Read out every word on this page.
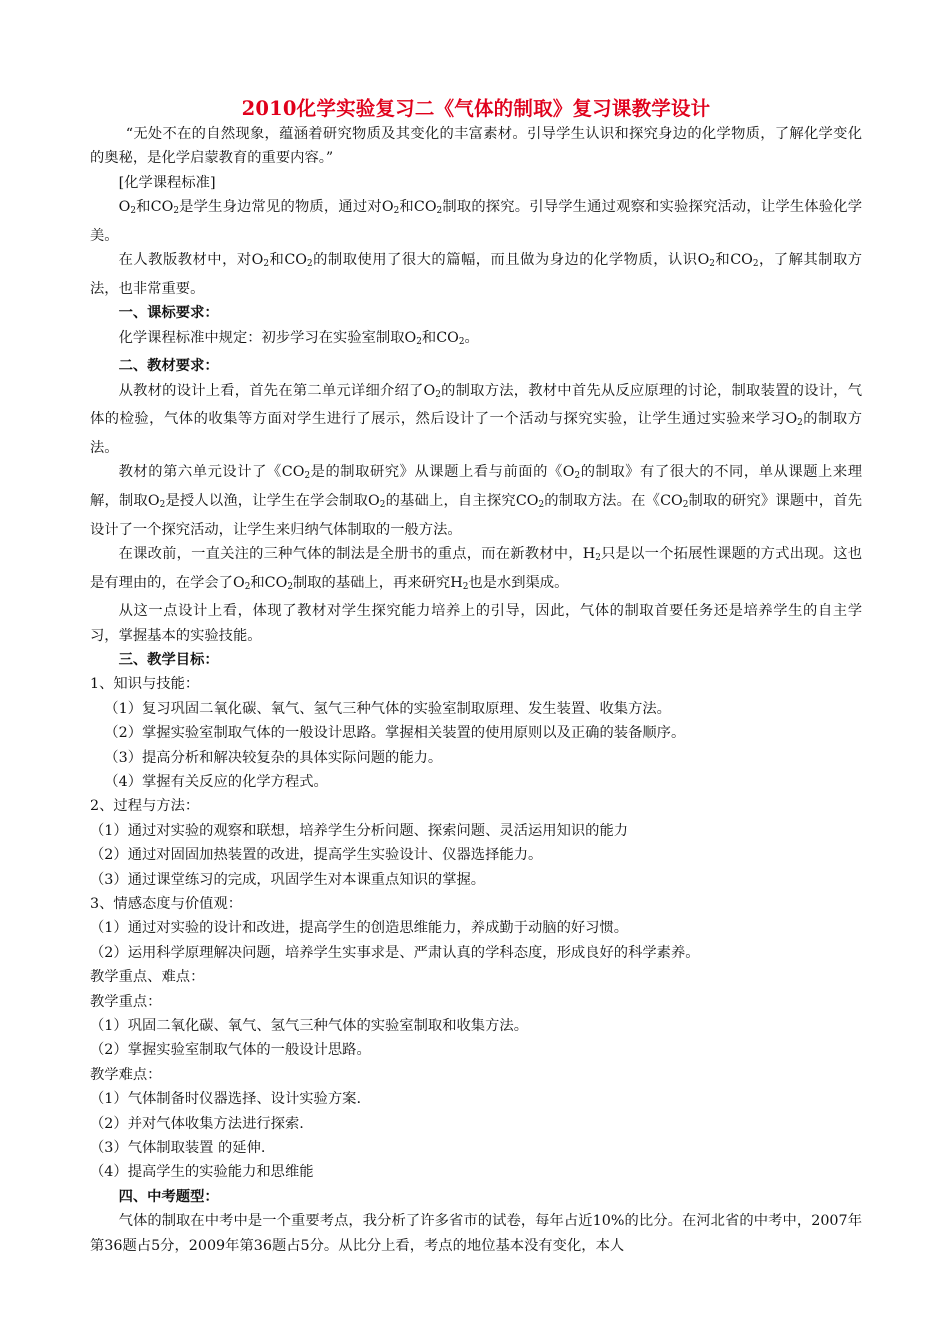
2010化学实验复习二《气体的制取》复习课教学设计

“无处不在的自然现象，蕴涵着研究物质及其变化的丰富素材。引导学生认识和探究身边的化学物质，了解化学变化的奥秘，是化学启蒙教育的重要内容。”

[化学课程标准]

$O_2$和$CO_2$是学生身边常见的物质，通过对$O_2$和$CO_2$制取的探究。引导学生通过观察和实验探究活动，让学生体验化学美。

在人教版教材中，对$O_2$和$CO_2$的制取使用了很大的篇幅，而且做为身边的化学物质，认识$O_2$和$CO_2$，了解其制取方法，也非常重要。

一、课标要求：

化学课程标准中规定：初步学习在实验室制取$O_2$和$CO_2$。

二、教材要求：

从教材的设计上看，首先在第二单元详细介绍了$O_2$的制取方法，教材中首先从反应原理的讨论，制取装置的设计，气体的检验，气体的收集等方面对学生进行了展示，然后设计了一个活动与探究实验，让学生通过实验来学习$O_2$的制取方法。

教材的第六单元设计了《$CO_2$是的制取研究》从课题上看与前面的《$O_2$的制取》有了很大的不同，单从课题上来理解，制取$O_2$是授人以渔，让学生在学会制取$O_2$的基础上，自主探究$CO_2$的制取方法。在《$CO_2$制取的研究》课题中，首先设计了一个探究活动，让学生来归纳气体制取的一般方法。

在课改前，一直关注的三种气体的制法是全册书的重点，而在新教材中，$H_2$只是以一个拓展性课题的方式出现。这也是有理由的，在学会了$O_2$和$CO_2$制取的基础上，再来研究$H_2$也是水到渠成。

从这一点设计上看，体现了教材对学生探究能力培养上的引导，因此，气体的制取首要任务还是培养学生的自主学习，掌握基本的实验技能。

三、教学目标：

1、知识与技能：

（1）复习巩固二氧化碳、氧气、氢气三种气体的实验室制取原理、发生装置、收集方法。

（2）掌握实验室制取气体的一般设计思路。掌握相关装置的使用原则以及正确的装备顺序。

（3）提高分析和解决较复杂的具体实际问题的能力。

（4）掌握有关反应的化学方程式。

2、过程与方法：

（1）通过对实验的观察和联想，培养学生分析问题、探索问题、灵活运用知识的能力

（2）通过对固固加热装置的改进，提高学生实验设计、仪器选择能力。

（3）通过课堂练习的完成，巩固学生对本课重点知识的掌握。

3、情感态度与价值观：

（1）通过对实验的设计和改进，提高学生的创造思维能力，养成勤于动脑的好习惯。

（2）运用科学原理解决问题，培养学生实事求是、严肃认真的学科态度，形成良好的科学素养。

教学重点、难点：

教学重点：

（1）巩固二氧化碳、氧气、氢气三种气体的实验室制取和收集方法。

（2）掌握实验室制取气体的一般设计思路。

教学难点：

（1）气体制备时仪器选择、设计实验方案.

（2）并对气体收集方法进行探索.

（3）气体制取装置 的延伸.

（4）提高学生的实验能力和思维能

四、中考题型：

气体的制取在中考中是一个重要考点，我分析了许多省市的试卷，每年占近10%的比分。在河北省的中考中，2007年第36题占5分，2009年第36题占5分。从比分上看，考点的地位基本没有变化，本人
